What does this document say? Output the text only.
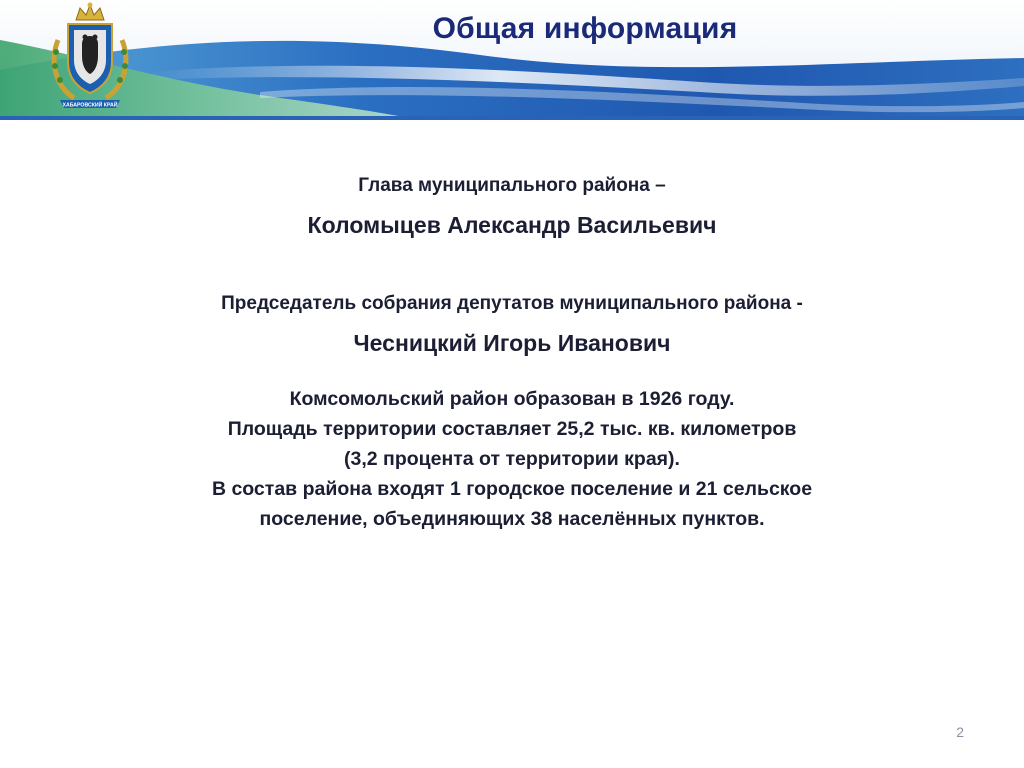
Общая информация
ХАБАРОВСКИЙ КРАЙ
Глава муниципального района –
Коломыцев Александр Васильевич
Председатель собрания депутатов муниципального района -
Чесницкий Игорь Иванович
Комсомольский район образован в 1926 году.
Площадь территории составляет 25,2 тыс. кв. километров
(3,2 процента от территории края).
В состав района входят 1 городское поселение и 21 сельское
поселение, объединяющих 38 населённых пунктов.
2
